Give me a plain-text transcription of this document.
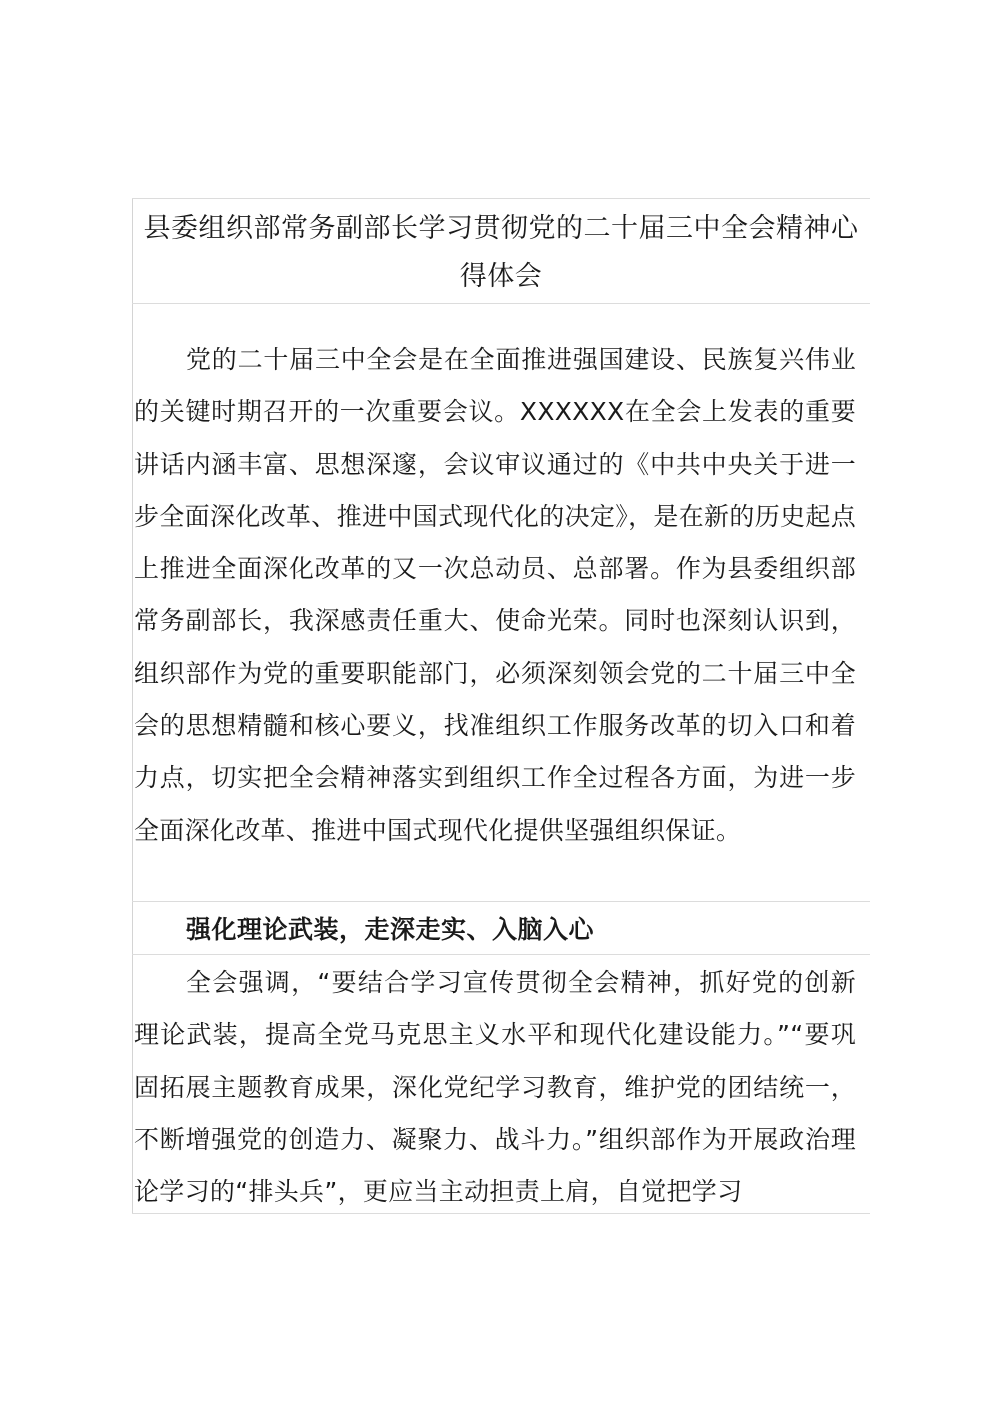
县委组织部常务副部长学习贯彻党的二十届三中全会精神心得体会

党的二十届三中全会是在全面推进强国建设、民族复兴伟业的关键时期召开的一次重要会议。XXXXXX在全会上发表的重要讲话内涵丰富、思想深邃，会议审议通过的《中共中央关于进一步全面深化改革、推进中国式现代化的决定》，是在新的历史起点上推进全面深化改革的又一次总动员、总部署。作为县委组织部常务副部长，我深感责任重大、使命光荣。同时也深刻认识到，组织部作为党的重要职能部门，必须深刻领会党的二十届三中全会的思想精髓和核心要义，找准组织工作服务改革的切入口和着力点，切实把全会精神落实到组织工作全过程各方面，为进一步全面深化改革、推进中国式现代化提供坚强组织保证。

强化理论武装，走深走实、入脑入心

全会强调，“要结合学习宣传贯彻全会精神，抓好党的创新理论武装，提高全党马克思主义水平和现代化建设能力。”“要巩固拓展主题教育成果，深化党纪学习教育，维护党的团结统一，不断增强党的创造力、凝聚力、战斗力。”组织部作为开展政治理论学习的“排头兵”，更应当主动担责上肩，自觉把学习
